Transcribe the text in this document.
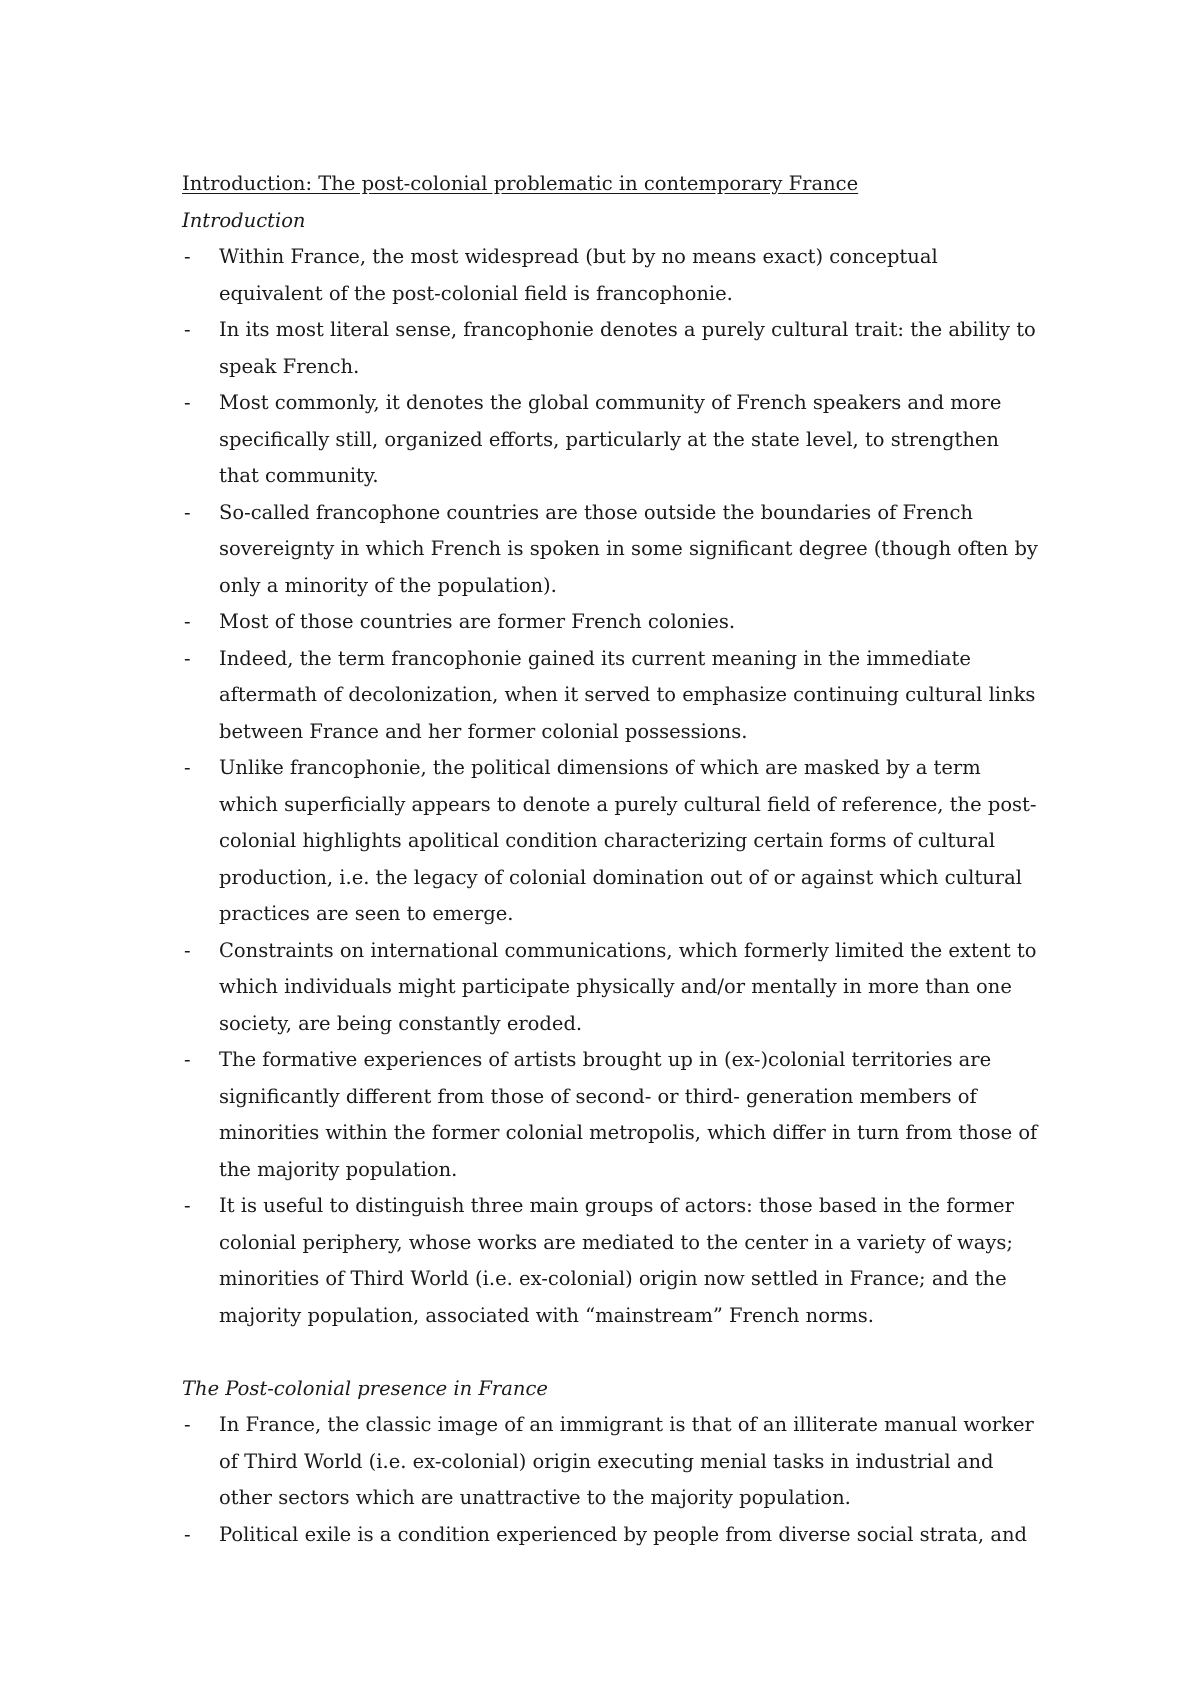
Introduction: The post-colonial problematic in contemporary France
Introduction
- Within France, the most widespread (but by no means exact) conceptual equivalent of the post-colonial field is francophonie.
- In its most literal sense, francophonie denotes a purely cultural trait: the ability to speak French.
- Most commonly, it denotes the global community of French speakers and more specifically still, organized efforts, particularly at the state level, to strengthen that community.
- So-called francophone countries are those outside the boundaries of French sovereignty in which French is spoken in some significant degree (though often by only a minority of the population).
- Most of those countries are former French colonies.
- Indeed, the term francophonie gained its current meaning in the immediate aftermath of decolonization, when it served to emphasize continuing cultural links between France and her former colonial possessions.
- Unlike francophonie, the political dimensions of which are masked by a term which superficially appears to denote a purely cultural field of reference, the post-colonial highlights apolitical condition characterizing certain forms of cultural production, i.e. the legacy of colonial domination out of or against which cultural practices are seen to emerge.
- Constraints on international communications, which formerly limited the extent to which individuals might participate physically and/or mentally in more than one society, are being constantly eroded.
- The formative experiences of artists brought up in (ex-)colonial territories are significantly different from those of second- or third- generation members of minorities within the former colonial metropolis, which differ in turn from those of the majority population.
- It is useful to distinguish three main groups of actors: those based in the former colonial periphery, whose works are mediated to the center in a variety of ways; minorities of Third World (i.e. ex-colonial) origin now settled in France; and the majority population, associated with “mainstream” French norms.
The Post-colonial presence in France
- In France, the classic image of an immigrant is that of an illiterate manual worker of Third World (i.e. ex-colonial) origin executing menial tasks in industrial and other sectors which are unattractive to the majority population.
- Political exile is a condition experienced by people from diverse social strata, and
